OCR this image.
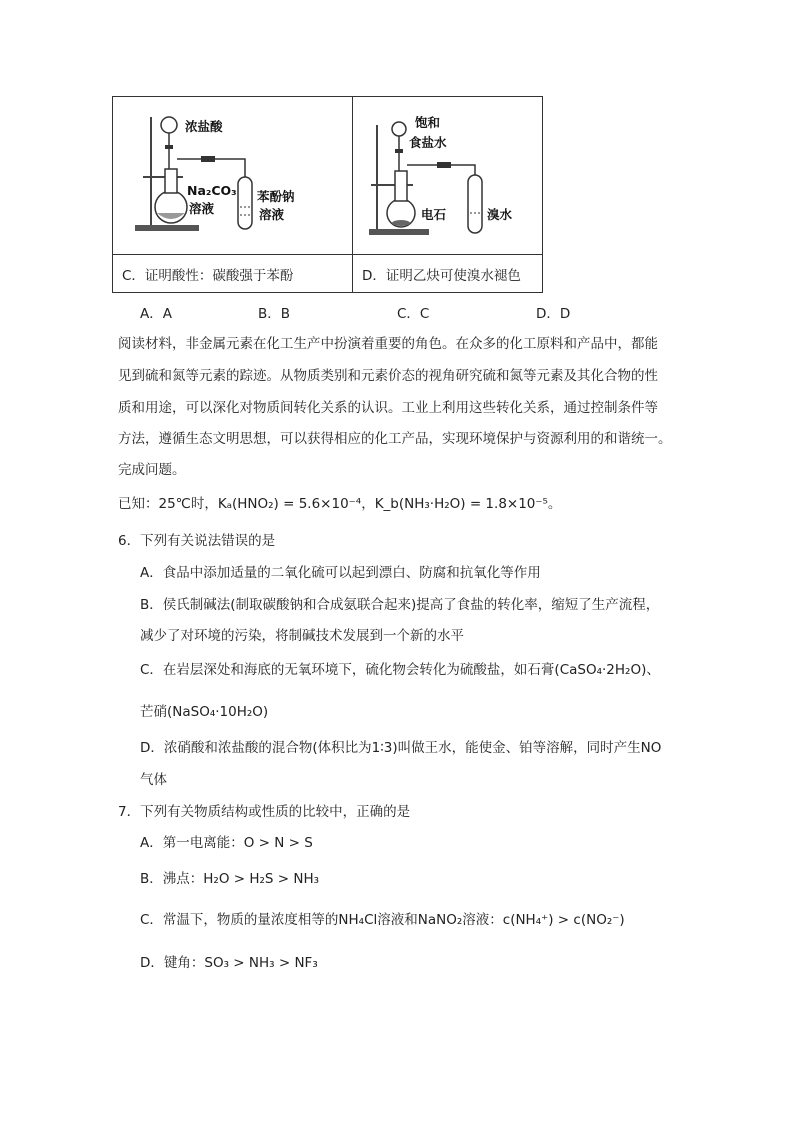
浓盐酸
Na₂CO₃
溶液
苯酚钠
溶液	饱和
食盐水
电石 溴水

C．证明酸性：碳酸强于苯酚	D．证明乙炔可使溴水褪色
A．A	B．B	C．C	D．D
阅读材料，非金属元素在化工生产中扮演着重要的角色。在众多的化工原料和产品中，都能
见到硫和氮等元素的踪迹。从物质类别和元素价态的视角研究硫和氮等元素及其化合物的性
质和用途，可以深化对物质间转化关系的认识。工业上利用这些转化关系，通过控制条件等
方法，遵循生态文明思想，可以获得相应的化工产品，实现环境保护与资源利用的和谐统一。
完成问题。
已知：25℃时，Kₐ(HNO₂) = 5.6×10⁻⁴，K_b(NH₃·H₂O) = 1.8×10⁻⁵。
6．下列有关说法错误的是
A．食品中添加适量的二氧化硫可以起到漂白、防腐和抗氧化等作用
B．侯氏制碱法(制取碳酸钠和合成氨联合起来)提高了食盐的转化率，缩短了生产流程，
减少了对环境的污染，将制碱技术发展到一个新的水平
C．在岩层深处和海底的无氧环境下，硫化物会转化为硫酸盐，如石膏(CaSO₄·2H₂O)、
芒硝(NaSO₄·10H₂O)
D．浓硝酸和浓盐酸的混合物(体积比为1∶3)叫做王水，能使金、铂等溶解，同时产生NO
气体
7．下列有关物质结构或性质的比较中，正确的是
A．第一电离能：O > N > S
B．沸点：H₂O > H₂S > NH₃
C．常温下，物质的量浓度相等的NH₄Cl溶液和NaNO₂溶液：c(NH₄⁺) > c(NO₂⁻)
D．键角：SO₃ > NH₃ > NF₃
